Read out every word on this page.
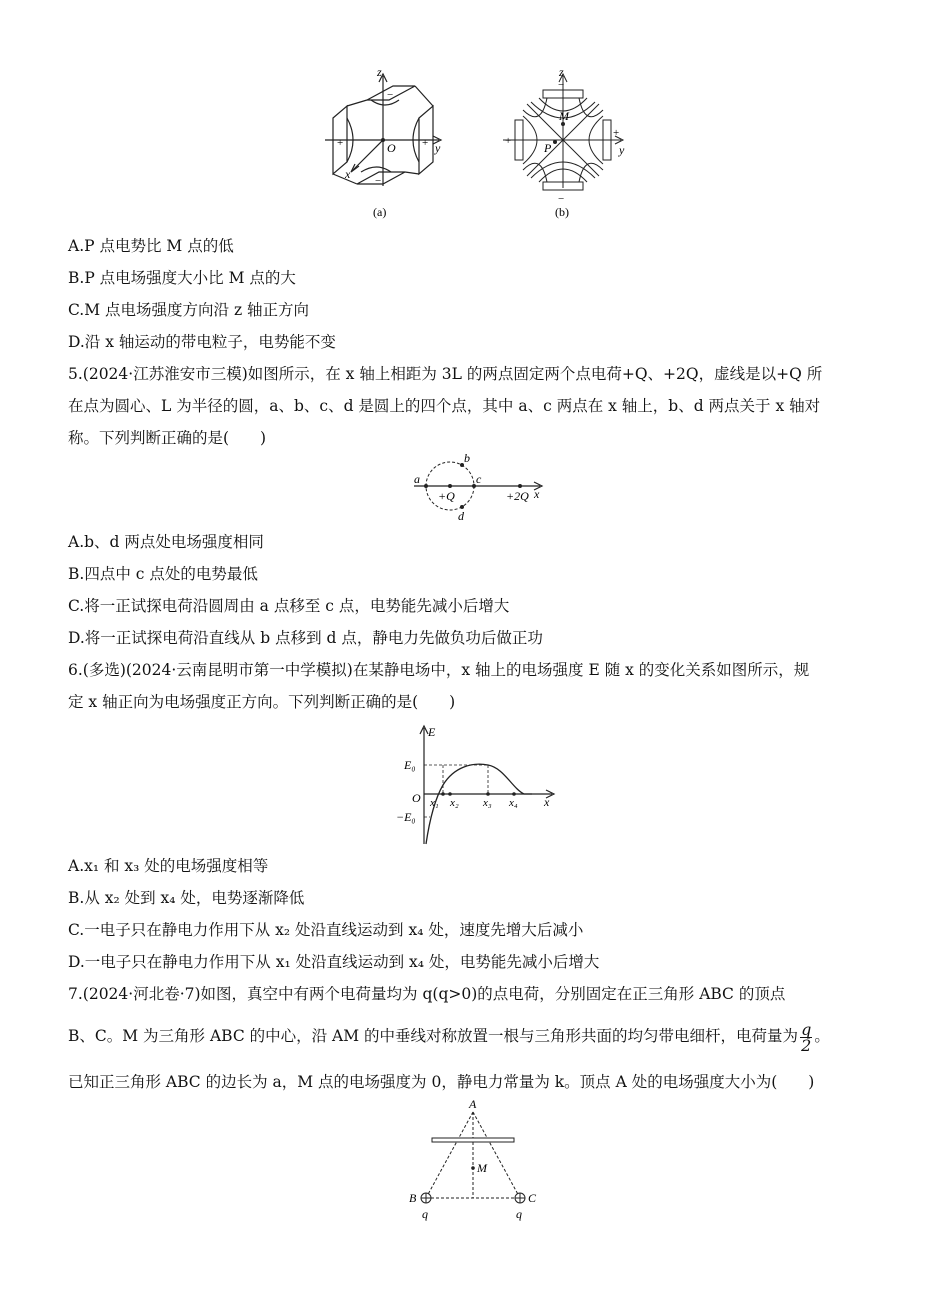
z
y
x
O
+	+
−
−
(a)
z
y
M
P
−
−
+
+
(b)
A.P 点电势比 M 点的低
B.P 点电场强度大小比 M 点的大
C.M 点电场强度方向沿 z 轴正方向
D.沿 x 轴运动的带电粒子，电势能不变
5.(2024·江苏淮安市三模)如图所示，在 x 轴上相距为 3L 的两点固定两个点电荷+Q、+2Q，虚线是以+Q 所
在点为圆心、L 为半径的圆，a、b、c、d 是圆上的四个点，其中 a、c 两点在 x 轴上，b、d 两点关于 x 轴对
称。下列判断正确的是(　　)
a
b
c
d
+Q	+2Q x
A.b、d 两点处电场强度相同
B.四点中 c 点处的电势最低
C.将一正试探电荷沿圆周由 a 点移至 c 点，电势能先减小后增大
D.将一正试探电荷沿直线从 b 点移到 d 点，静电力先做负功后做正功
6.(多选)(2024·云南昆明市第一中学模拟)在某静电场中，x 轴上的电场强度 E 随 x 的变化关系如图所示，规
定 x 轴正向为电场强度正方向。下列判断正确的是(　　)
E
E₀
−E₀
O x₁ x₂ x₃ x₄ x
A.x₁ 和 x₃ 处的电场强度相等
B.从 x₂ 处到 x₄ 处，电势逐渐降低
C.一电子只在静电力作用下从 x₂ 处沿直线运动到 x₄ 处，速度先增大后减小
D.一电子只在静电力作用下从 x₁ 处沿直线运动到 x₄ 处，电势能先减小后增大
7.(2024·河北卷·7)如图，真空中有两个电荷量均为 q(q>0)的点电荷，分别固定在正三角形 ABC 的顶点
B、C。M 为三角形 ABC 的中心，沿 AM 的中垂线对称放置一根与三角形共面的均匀带电细杆，电荷量为 $\frac{q}{2}$ 。
已知正三角形 ABC 的边长为 a，M 点的电场强度为 0，静电力常量为 k。顶点 A 处的电场强度大小为(　　)
A
M
B	C
q	q
